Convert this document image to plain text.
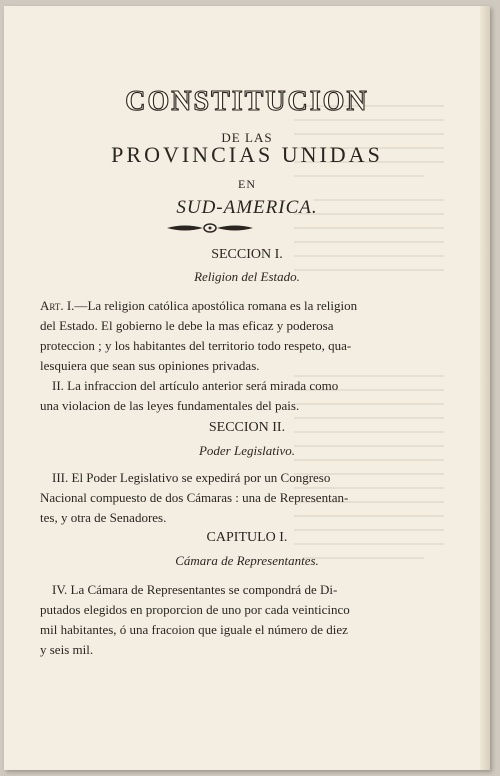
CONSTITUCION
DE LAS
PROVINCIAS UNIDAS
EN
SUD-AMERICA.
SECCION I.
Religion del Estado.
Art. I.—La religion católica apostólica romana es la religion
del Estado. El gobierno le debe la mas eficaz y poderosa
proteccion ; y los habitantes del territorio todo respeto, qua-
lesquiera que sean sus opiniones privadas.
II. La infraccion del artículo anterior será mirada como
una violacion de las leyes fundamentales del pais.
SECCION II.
Poder Legislativo.
III. El Poder Legislativo se expedirá por un Congreso
Nacional compuesto de dos Cámaras : una de Representan-
tes, y otra de Senadores.
CAPITULO I.
Cámara de Representantes.
IV. La Cámara de Representantes se compondrá de Di-
putados elegidos en proporcion de uno por cada veinticinco
mil habitantes, ó una fracoion que iguale el número de diez
y seis mil.
